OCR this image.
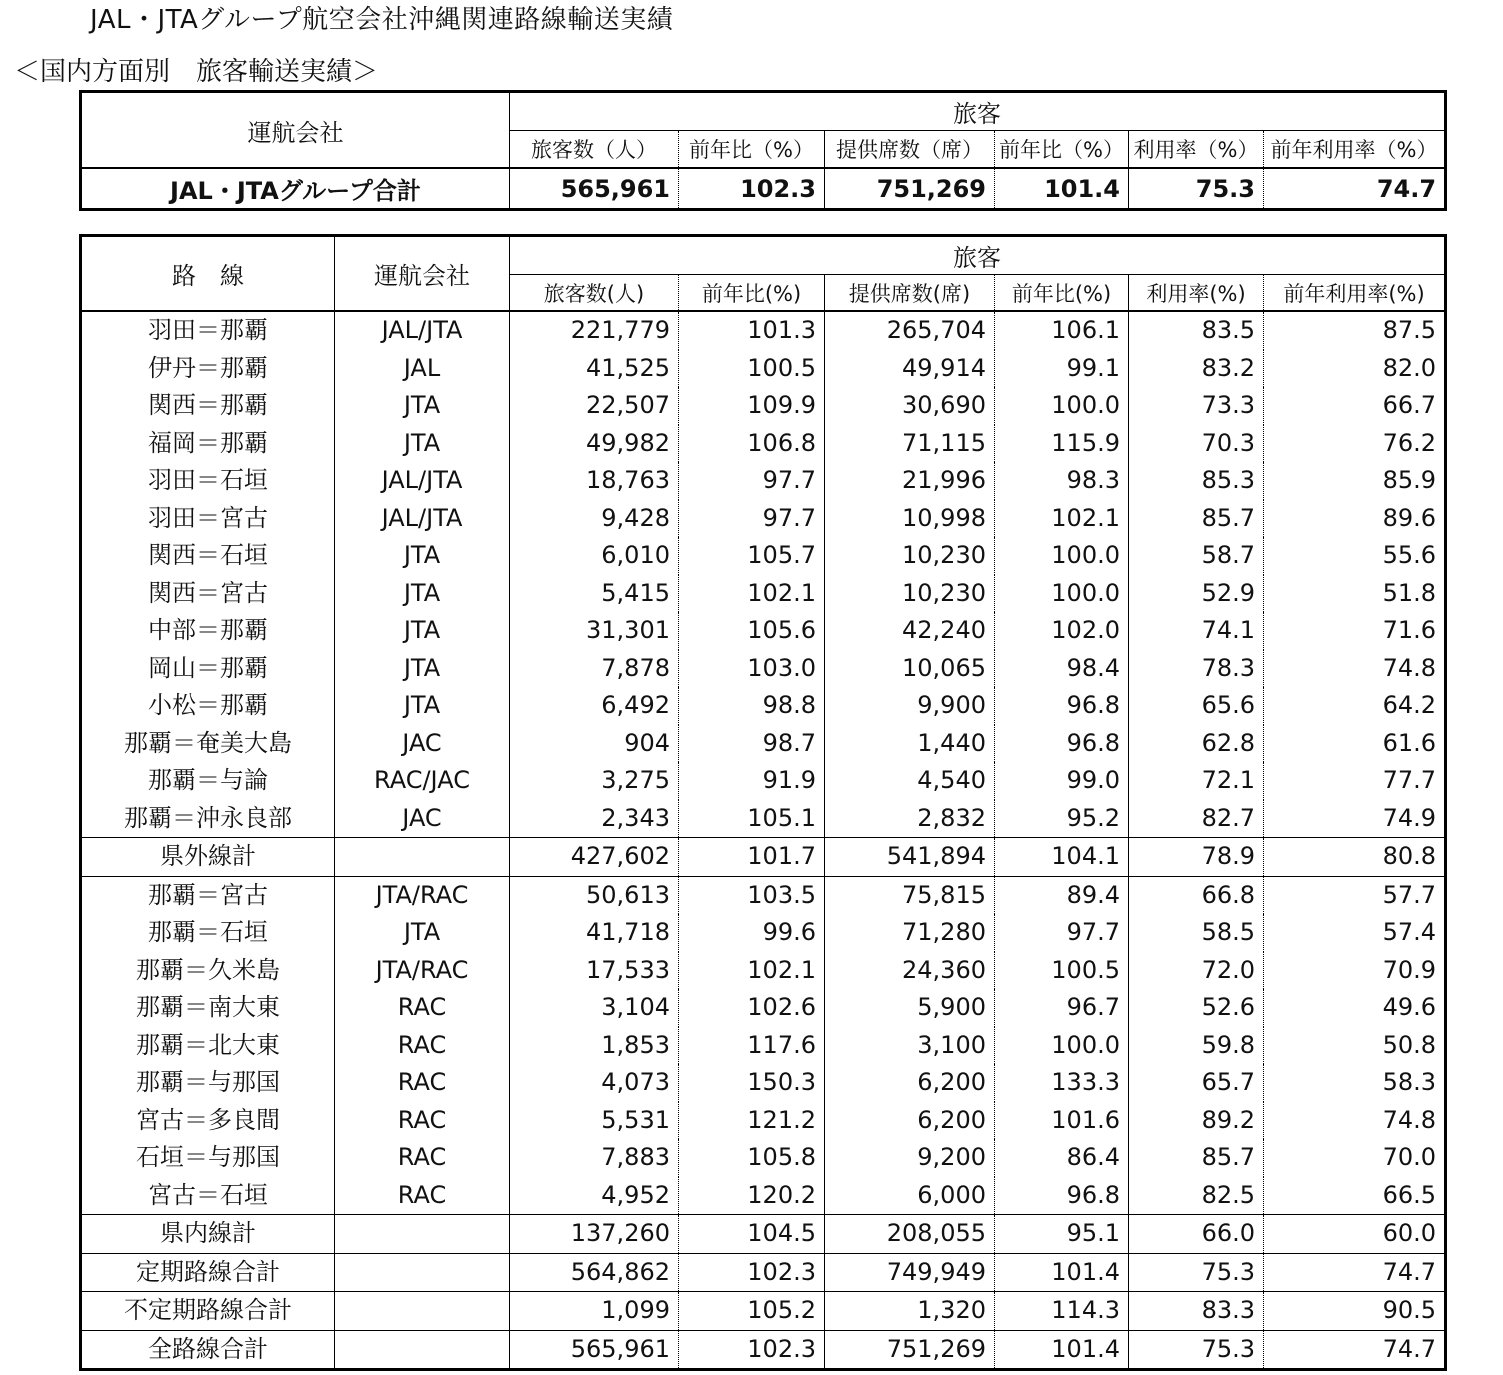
JAL・JTAグループ航空会社沖縄関連路線輸送実績
＜国内方面別　旅客輸送実績＞
運航会社	旅客					
	旅客数（人）	前年比（%）	提供席数（席）	前年比（%）	利用率（%）	前年利用率（%）
JAL・JTAグループ合計	565,961	102.3	751,269	101.4	75.3	74.7
路　線	運航会社	旅客					
		旅客数(人)	前年比(%)	提供席数(席)	前年比(%)	利用率(%)	前年利用率(%)
羽田＝那覇	JAL/JTA	221,779	101.3	265,704	106.1	83.5	87.5
伊丹＝那覇	JAL	41,525	100.5	49,914	99.1	83.2	82.0
関西＝那覇	JTA	22,507	109.9	30,690	100.0	73.3	66.7
福岡＝那覇	JTA	49,982	106.8	71,115	115.9	70.3	76.2
羽田＝石垣	JAL/JTA	18,763	97.7	21,996	98.3	85.3	85.9
羽田＝宮古	JAL/JTA	9,428	97.7	10,998	102.1	85.7	89.6
関西＝石垣	JTA	6,010	105.7	10,230	100.0	58.7	55.6
関西＝宮古	JTA	5,415	102.1	10,230	100.0	52.9	51.8
中部＝那覇	JTA	31,301	105.6	42,240	102.0	74.1	71.6
岡山＝那覇	JTA	7,878	103.0	10,065	98.4	78.3	74.8
小松＝那覇	JTA	6,492	98.8	9,900	96.8	65.6	64.2
那覇＝奄美大島	JAC	904	98.7	1,440	96.8	62.8	61.6
那覇＝与論	RAC/JAC	3,275	91.9	4,540	99.0	72.1	77.7
那覇＝沖永良部	JAC	2,343	105.1	2,832	95.2	82.7	74.9
県外線計		427,602	101.7	541,894	104.1	78.9	80.8
那覇＝宮古	JTA/RAC	50,613	103.5	75,815	89.4	66.8	57.7
那覇＝石垣	JTA	41,718	99.6	71,280	97.7	58.5	57.4
那覇＝久米島	JTA/RAC	17,533	102.1	24,360	100.5	72.0	70.9
那覇＝南大東	RAC	3,104	102.6	5,900	96.7	52.6	49.6
那覇＝北大東	RAC	1,853	117.6	3,100	100.0	59.8	50.8
那覇＝与那国	RAC	4,073	150.3	6,200	133.3	65.7	58.3
宮古＝多良間	RAC	5,531	121.2	6,200	101.6	89.2	74.8
石垣＝与那国	RAC	7,883	105.8	9,200	86.4	85.7	70.0
宮古＝石垣	RAC	4,952	120.2	6,000	96.8	82.5	66.5
県内線計		137,260	104.5	208,055	95.1	66.0	60.0
定期路線合計		564,862	102.3	749,949	101.4	75.3	74.7
不定期路線合計		1,099	105.2	1,320	114.3	83.3	90.5
全路線合計		565,961	102.3	751,269	101.4	75.3	74.7
